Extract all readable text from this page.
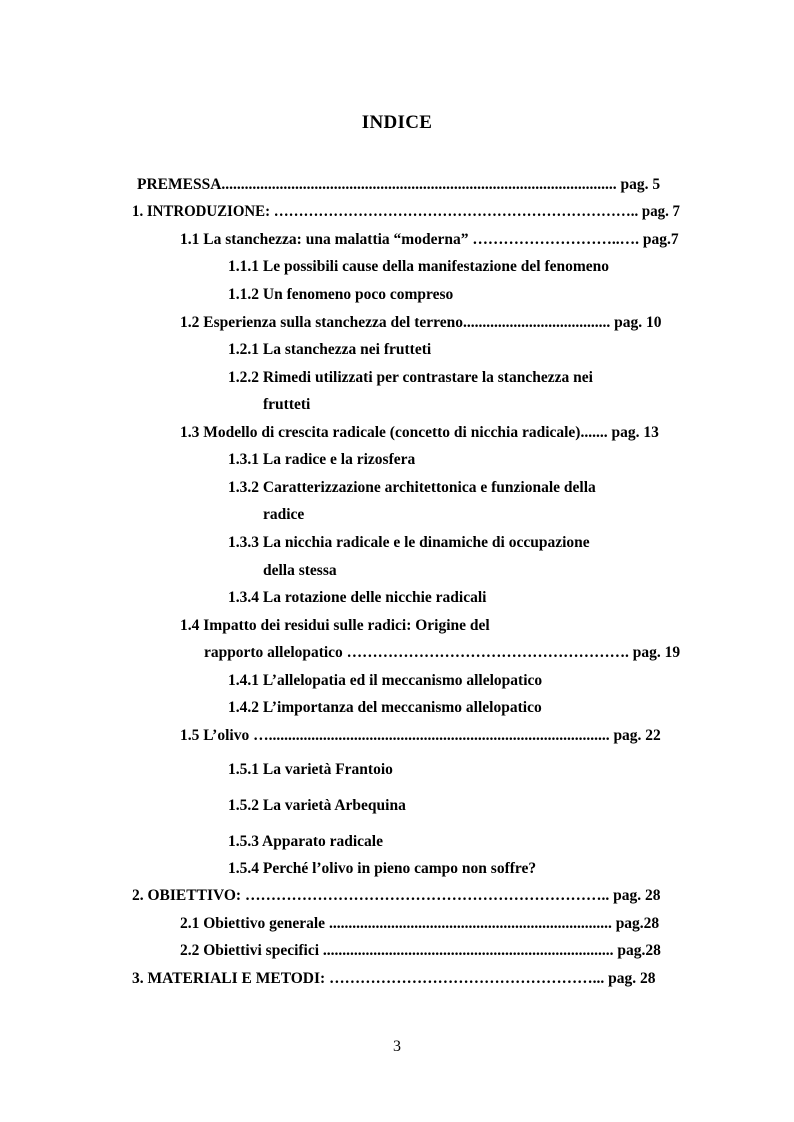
INDICE
PREMESSA...................................................................................................... pag. 5
1. INTRODUZIONE: ……………………………………………………………….. pag. 7
1.1 La stanchezza: una malattia “moderna” ………………………..…. pag.7
1.1.1 Le possibili cause della manifestazione del fenomeno
1.1.2 Un fenomeno poco compreso
1.2 Esperienza sulla stanchezza del terreno...................................... pag. 10
1.2.1 La stanchezza nei frutteti
1.2.2 Rimedi utilizzati per contrastare la stanchezza nei
frutteti
1.3 Modello di crescita radicale (concetto di nicchia radicale)....... pag. 13
1.3.1 La radice e la rizosfera
1.3.2 Caratterizzazione architettonica e funzionale della
radice
1.3.3 La nicchia radicale e le dinamiche di occupazione
della stessa
1.3.4 La rotazione delle nicchie radicali
1.4 Impatto dei residui sulle radici: Origine del
rapporto allelopatico ………………………………………………. pag. 19
1.4.1 L’allelopatia ed il meccanismo allelopatico
1.4.2 L’importanza del meccanismo allelopatico
1.5 L’olivo …........................................................................................ pag. 22
1.5.1 La varietà Frantoio
1.5.2 La varietà Arbequina
1.5.3 Apparato radicale
1.5.4 Perché l’olivo in pieno campo non soffre?
2. OBIETTIVO: …………………………………………………………….. pag. 28
2.1 Obiettivo generale ......................................................................... pag.28
2.2 Obiettivi specifici ........................................................................... pag.28
3. MATERIALI E METODI: ……………………………………………... pag. 28
3
